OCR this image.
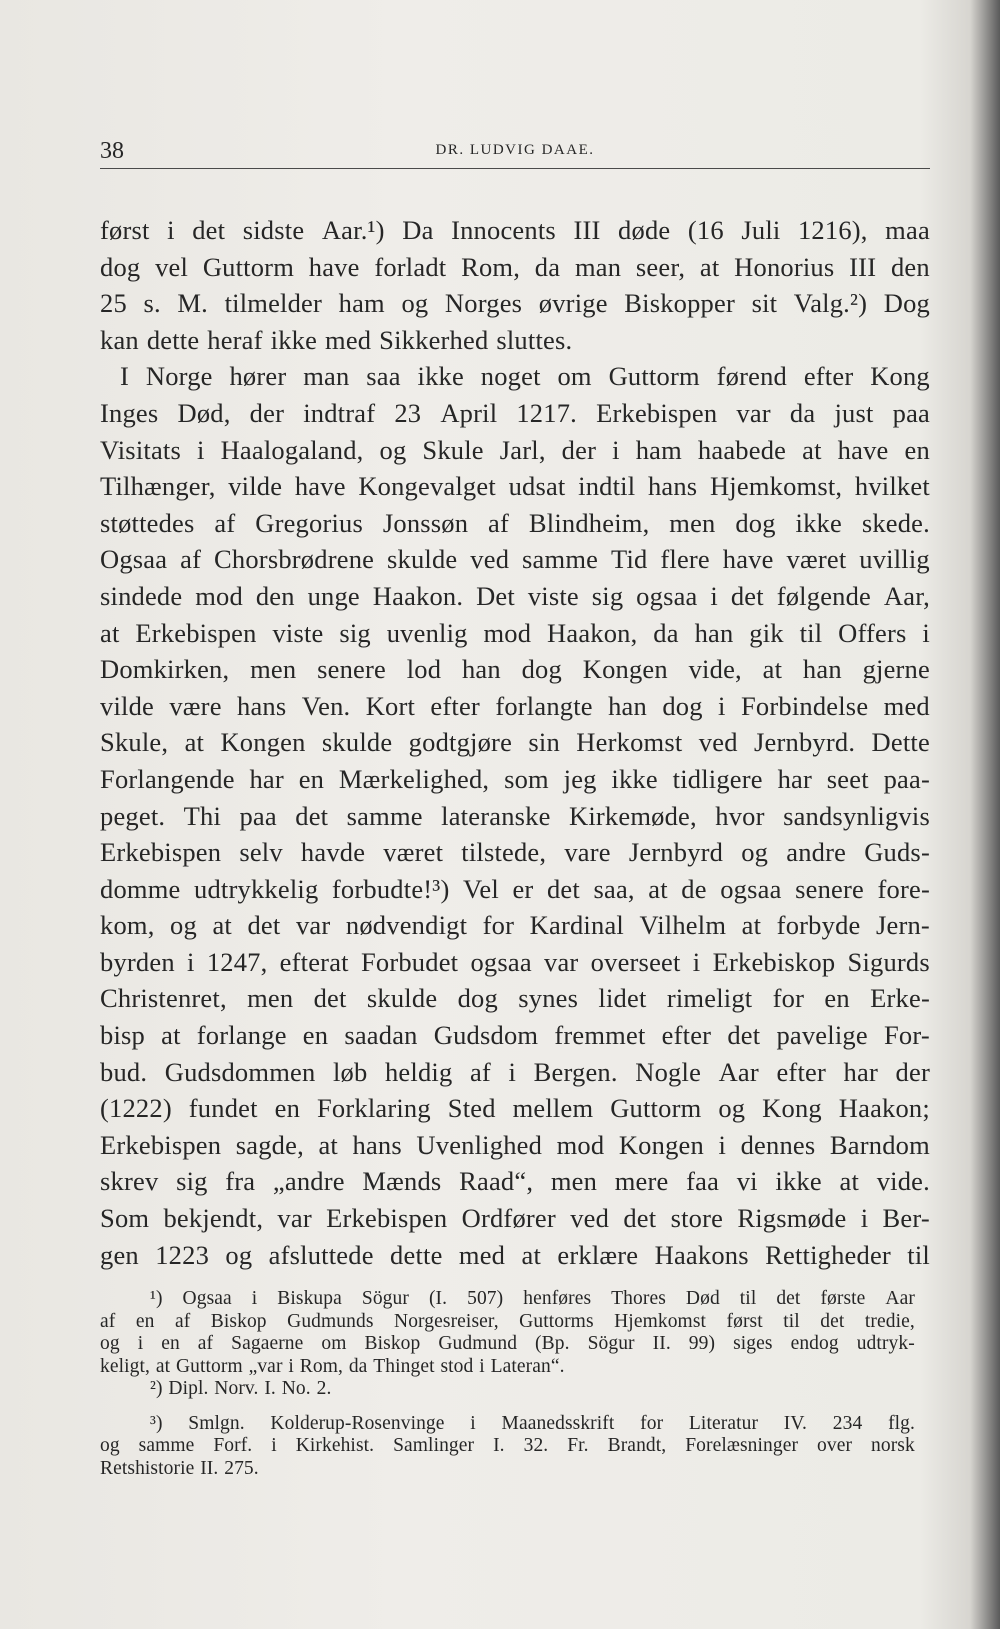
38	DR. LUDVIG DAAE.
først i det sidste Aar.¹) Da Innocents III døde (16 Juli 1216), maa
dog vel Guttorm have forladt Rom, da man seer, at Honorius III den
25 s. M. tilmelder ham og Norges øvrige Biskopper sit Valg.²) Dog
kan dette heraf ikke med Sikkerhed sluttes.
I Norge hører man saa ikke noget om Guttorm førend efter Kong
Inges Død, der indtraf 23 April 1217. Erkebispen var da just paa
Visitats i Haalogaland, og Skule Jarl, der i ham haabede at have en
Tilhænger, vilde have Kongevalget udsat indtil hans Hjemkomst, hvilket
støttedes af Gregorius Jonssøn af Blindheim, men dog ikke skede.
Ogsaa af Chorsbrødrene skulde ved samme Tid flere have været uvillig
sindede mod den unge Haakon. Det viste sig ogsaa i det følgende Aar,
at Erkebispen viste sig uvenlig mod Haakon, da han gik til Offers i
Domkirken, men senere lod han dog Kongen vide, at han gjerne
vilde være hans Ven. Kort efter forlangte han dog i Forbindelse med
Skule, at Kongen skulde godtgjøre sin Herkomst ved Jernbyrd. Dette
Forlangende har en Mærkelighed, som jeg ikke tidligere har seet paa-
peget. Thi paa det samme lateranske Kirkemøde, hvor sandsynligvis
Erkebispen selv havde været tilstede, vare Jernbyrd og andre Guds-
domme udtrykkelig forbudte!³) Vel er det saa, at de ogsaa senere fore-
kom, og at det var nødvendigt for Kardinal Vilhelm at forbyde Jern-
byrden i 1247, efterat Forbudet ogsaa var overseet i Erkebiskop Sigurds
Christenret, men det skulde dog synes lidet rimeligt for en Erke-
bisp at forlange en saadan Gudsdom fremmet efter det pavelige For-
bud. Gudsdommen løb heldig af i Bergen. Nogle Aar efter har der
(1222) fundet en Forklaring Sted mellem Guttorm og Kong Haakon;
Erkebispen sagde, at hans Uvenlighed mod Kongen i dennes Barndom
skrev sig fra „andre Mænds Raad“, men mere faa vi ikke at vide.
Som bekjendt, var Erkebispen Ordfører ved det store Rigsmøde i Ber-
gen 1223 og afsluttede dette med at erklære Haakons Rettigheder til
¹) Ogsaa i Biskupa Sögur (I. 507) henføres Thores Død til det første Aar
af en af Biskop Gudmunds Norgesreiser, Guttorms Hjemkomst først til det tredie,
og i en af Sagaerne om Biskop Gudmund (Bp. Sögur II. 99) siges endog udtryk-
keligt, at Guttorm „var i Rom, da Thinget stod i Lateran“.
²) Dipl. Norv. I. No. 2.
³) Smlgn. Kolderup-Rosenvinge i Maanedsskrift for Literatur IV. 234 flg.
og samme Forf. i Kirkehist. Samlinger I. 32. Fr. Brandt, Forelæsninger over norsk
Retshistorie II. 275.
